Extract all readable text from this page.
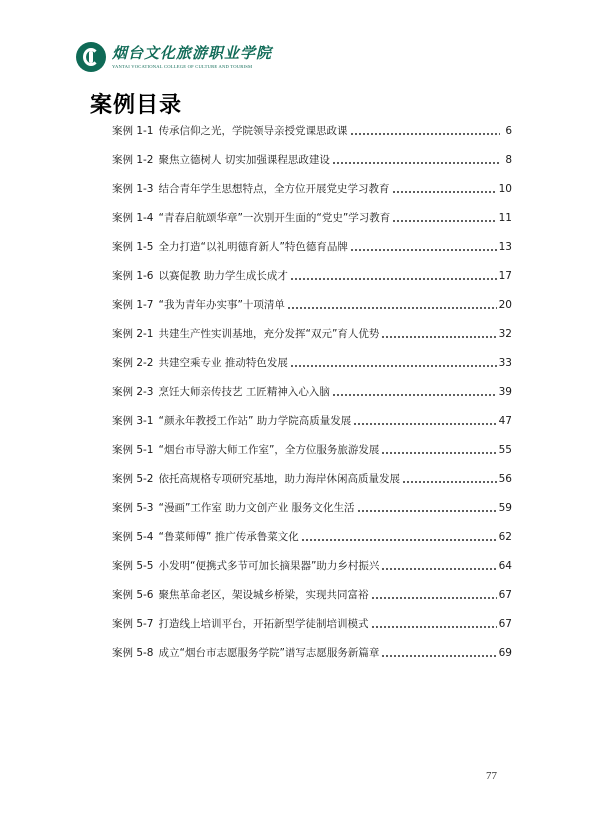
烟台文化旅游职业学院
YANTAI VOCATIONAL COLLEGE OF CULTURE AND TOURISM
案例目录
案例 1-1 传承信仰之光，学院领导亲授党课思政课	6
案例 1-2 聚焦立德树人 切实加强课程思政建设	8
案例 1-3 结合青年学生思想特点，全方位开展党史学习教育	10
案例 1-4 “青春启航颂华章”一次别开生面的“党史”学习教育	11
案例 1-5 全力打造“以礼明德育新人”特色德育品牌	13
案例 1-6 以赛促教 助力学生成长成才	17
案例 1-7 “我为青年办实事”十项清单	20
案例 2-1 共建生产性实训基地，充分发挥“双元”育人优势	32
案例 2-2 共建空乘专业 推动特色发展	33
案例 2-3 烹饪大师亲传技艺 工匠精神入心入脑	39
案例 3-1 “颜永年教授工作站” 助力学院高质量发展	47
案例 5-1 “烟台市导游大师工作室”，全方位服务旅游发展	55
案例 5-2 依托高规格专项研究基地，助力海岸休闲高质量发展	56
案例 5-3 “漫画”工作室 助力文创产业 服务文化生活	59
案例 5-4 “鲁菜师傅” 推广传承鲁菜文化	62
案例 5-5 小发明“便携式多节可加长摘果器”助力乡村振兴	64
案例 5-6 聚焦革命老区，架设城乡桥梁，实现共同富裕	67
案例 5-7 打造线上培训平台，开拓新型学徒制培训模式	67
案例 5-8 成立“烟台市志愿服务学院”谱写志愿服务新篇章	69
77
